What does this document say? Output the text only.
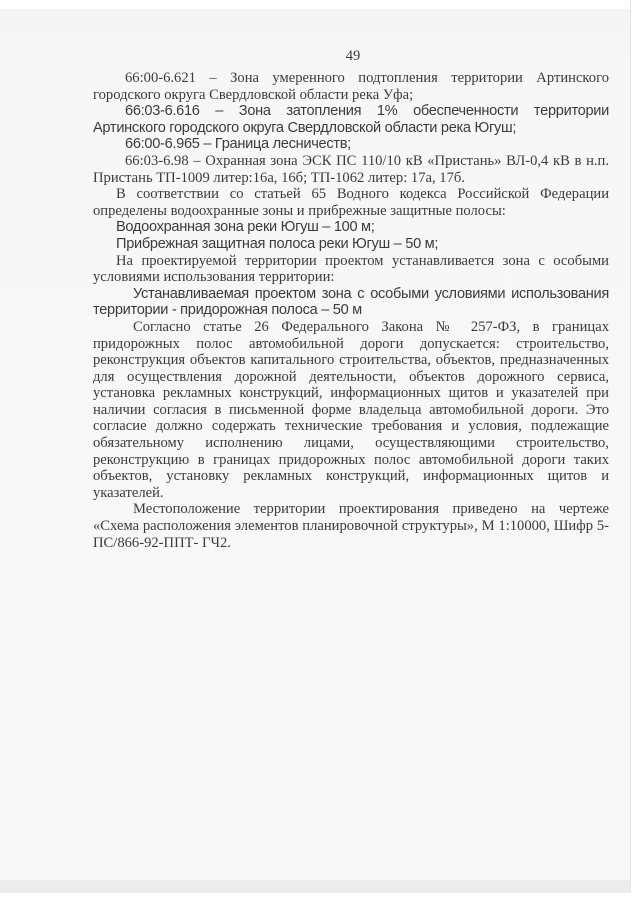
49

66:00-6.621 – Зона умеренного подтопления территории Артинского городского округа Свердловской области река Уфа;

66:03-6.616 – Зона затопления 1% обеспеченности территории Артинского городского округа Свердловской области река Югуш;

66:00-6.965 – Граница лесничеств;

66:03-6.98 – Охранная зона ЭСК ПС 110/10 кВ «Пристань» ВЛ-0,4 кВ в н.п. Пристань ТП-1009 литер:16а, 16б; ТП-1062 литер: 17а, 17б.

В соответствии со статьей 65 Водного кодекса Российской Федерации определены водоохранные зоны и прибрежные защитные полосы:

Водоохранная зона реки Югуш – 100 м;

Прибрежная защитная полоса реки Югуш – 50 м;

На проектируемой территории проектом устанавливается зона с особыми условиями использования территории:

Устанавливаемая проектом зона с особыми условиями использования территории - придорожная полоса – 50 м

Согласно статье 26 Федерального Закона № 257-ФЗ, в границах придорожных полос автомобильной дороги допускается: строительство, реконструкция объектов капитального строительства, объектов, предназначенных для осуществления дорожной деятельности, объектов дорожного сервиса, установка рекламных конструкций, информационных щитов и указателей при наличии согласия в письменной форме владельца автомобильной дороги. Это согласие должно содержать технические требования и условия, подлежащие обязательному исполнению лицами, осуществляющими строительство, реконструкцию в границах придорожных полос автомобильной дороги таких объектов, установку рекламных конструкций, информационных щитов и указателей.

Местоположение территории проектирования приведено на чертеже «Схема расположения элементов планировочной структуры», М 1:10000, Шифр 5-ПС/866-92-ППТ- ГЧ2.
